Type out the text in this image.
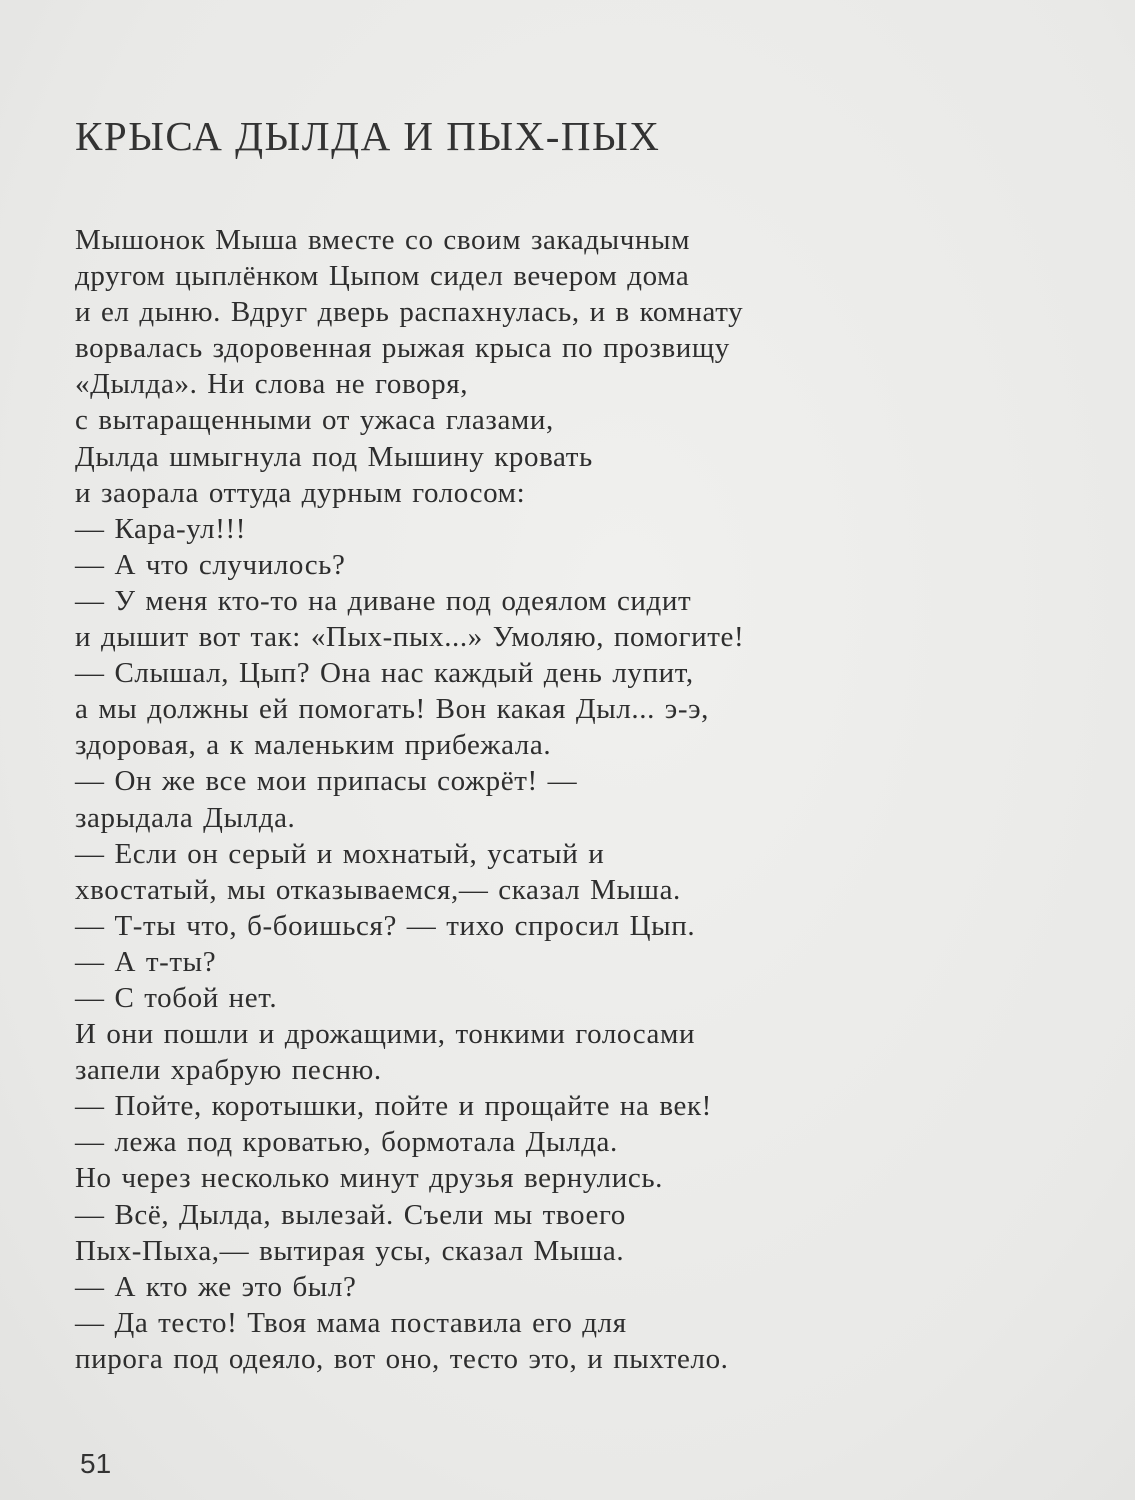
КРЫСА ДЫЛДА И ПЫХ-ПЫХ
Мышонок Мыша вместе со своим закадычным
другом цыплёнком Цыпом сидел вечером дома
и ел дыню. Вдруг дверь распахнулась, и в комнату
ворвалась здоровенная рыжая крыса по прозвищу
«Дылда». Ни слова не говоря,
с вытаращенными от ужаса глазами,
Дылда шмыгнула под Мышину кровать
и заорала оттуда дурным голосом:
— Кара-ул!!!
— А что случилось?
— У меня кто-то на диване под одеялом сидит
и дышит вот так: «Пых-пых...» Умоляю, помогите!
— Слышал, Цып? Она нас каждый день лупит,
а мы должны ей помогать! Вон какая Дыл... э-э,
здоровая, а к маленьким прибежала.
— Он же все мои припасы сожрёт! —
зарыдала Дылда.
— Если он серый и мохнатый, усатый и
хвостатый, мы отказываемся,— сказал Мыша.
— Т-ты что, б-боишься? — тихо спросил Цып.
— А т-ты?
— С тобой нет.
И они пошли и дрожащими, тонкими голосами
запели храбрую песню.
— Пойте, коротышки, пойте и прощайте на век!
— лежа под кроватью, бормотала Дылда.
Но через несколько минут друзья вернулись.
— Всё, Дылда, вылезай. Съели мы твоего
Пых-Пыха,— вытирая усы, сказал Мыша.
— А кто же это был?
— Да тесто! Твоя мама поставила его для
пирога под одеяло, вот оно, тесто это, и пыхтело.
51
